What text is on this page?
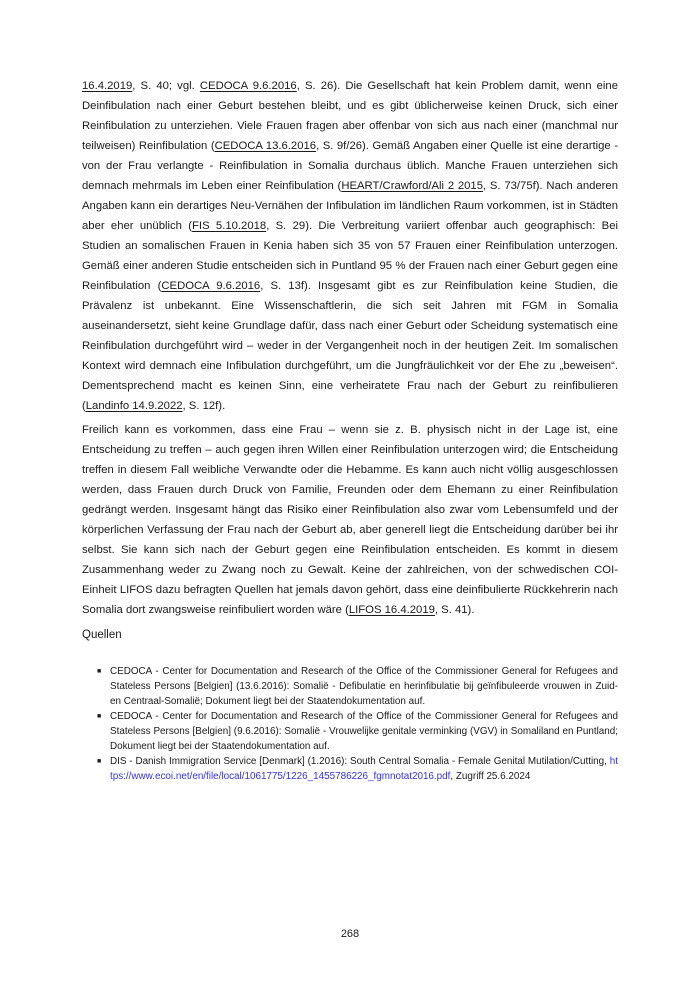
16.4.2019, S. 40; vgl. CEDOCA 9.6.2016, S. 26). Die Gesellschaft hat kein Problem damit, wenn eine Deinfibulation nach einer Geburt bestehen bleibt, und es gibt üblicherweise keinen Druck, sich einer Reinfibulation zu unterziehen. Viele Frauen fragen aber offenbar von sich aus nach einer (manchmal nur teilweisen) Reinfibulation (CEDOCA 13.6.2016, S. 9f/26). Gemäß Angaben einer Quelle ist eine derartige - von der Frau verlangte - Reinfibulation in Somalia durchaus üblich. Manche Frauen unterziehen sich demnach mehrmals im Leben einer Reinfibulation (HEART/Crawford/Ali 2 2015, S. 73/75f). Nach anderen Angaben kann ein derartiges Neu-Vernähen der Infibulation im ländlichen Raum vorkommen, ist in Städten aber eher unüblich (FIS 5.10.2018, S. 29). Die Verbreitung variiert offenbar auch geographisch: Bei Studien an somalischen Frauen in Kenia haben sich 35 von 57 Frauen einer Reinfibulation unterzogen. Gemäß einer anderen Studie entscheiden sich in Puntland 95 % der Frauen nach einer Geburt gegen eine Reinfibulation (CEDOCA 9.6.2016, S. 13f). Insgesamt gibt es zur Reinfibulation keine Studien, die Prävalenz ist unbekannt. Eine Wissenschaftlerin, die sich seit Jahren mit FGM in Somalia auseinandersetzt, sieht keine Grundlage dafür, dass nach einer Geburt oder Scheidung systematisch eine Reinfibulation durchgeführt wird – weder in der Vergangenheit noch in der heutigen Zeit. Im somalischen Kontext wird demnach eine Infibulation durchgeführt, um die Jungfräulichkeit vor der Ehe zu „beweisen“. Dementsprechend macht es keinen Sinn, eine verheiratete Frau nach der Geburt zu reinfibulieren (Landinfo 14.9.2022, S. 12f).

Freilich kann es vorkommen, dass eine Frau – wenn sie z. B. physisch nicht in der Lage ist, eine Entscheidung zu treffen – auch gegen ihren Willen einer Reinfibulation unterzogen wird; die Entscheidung treffen in diesem Fall weibliche Verwandte oder die Hebamme. Es kann auch nicht völlig ausgeschlossen werden, dass Frauen durch Druck von Familie, Freunden oder dem Ehemann zu einer Reinfibulation gedrängt werden. Insgesamt hängt das Risiko einer Reinfibulation also zwar vom Lebensumfeld und der körperlichen Verfassung der Frau nach der Geburt ab, aber generell liegt die Entscheidung darüber bei ihr selbst. Sie kann sich nach der Geburt gegen eine Reinfibulation entscheiden. Es kommt in diesem Zusammenhang weder zu Zwang noch zu Gewalt. Keine der zahlreichen, von der schwedischen COI-Einheit LIFOS dazu befragten Quellen hat jemals davon gehört, dass eine deinfibulierte Rückkehrerin nach Somalia dort zwangsweise reinfibuliert worden wäre (LIFOS 16.4.2019, S. 41).

Quellen
■ CEDOCA - Center for Documentation and Research of the Office of the Commissioner General for Refugees and Stateless Persons [Belgien] (13.6.2016): Somalië - Defibulatie en herinfibulatie bij geïnfibuleerde vrouwen in Zuid- en Centraal-Somalië; Dokument liegt bei der Staatendokumentation auf.
■ CEDOCA - Center for Documentation and Research of the Office of the Commissioner General for Refugees and Stateless Persons [Belgien] (9.6.2016): Somalië - Vrouwelijke genitale verminking (VGV) in Somaliland en Puntland; Dokument liegt bei der Staatendokumentation auf.
■ DIS - Danish Immigration Service [Denmark] (1.2016): South Central Somalia - Female Genital Mutilation/Cutting, https://www.ecoi.net/en/file/local/1061775/1226_1455786226_fgmnotat2016.pdf, Zugriff 25.6.2024
268
